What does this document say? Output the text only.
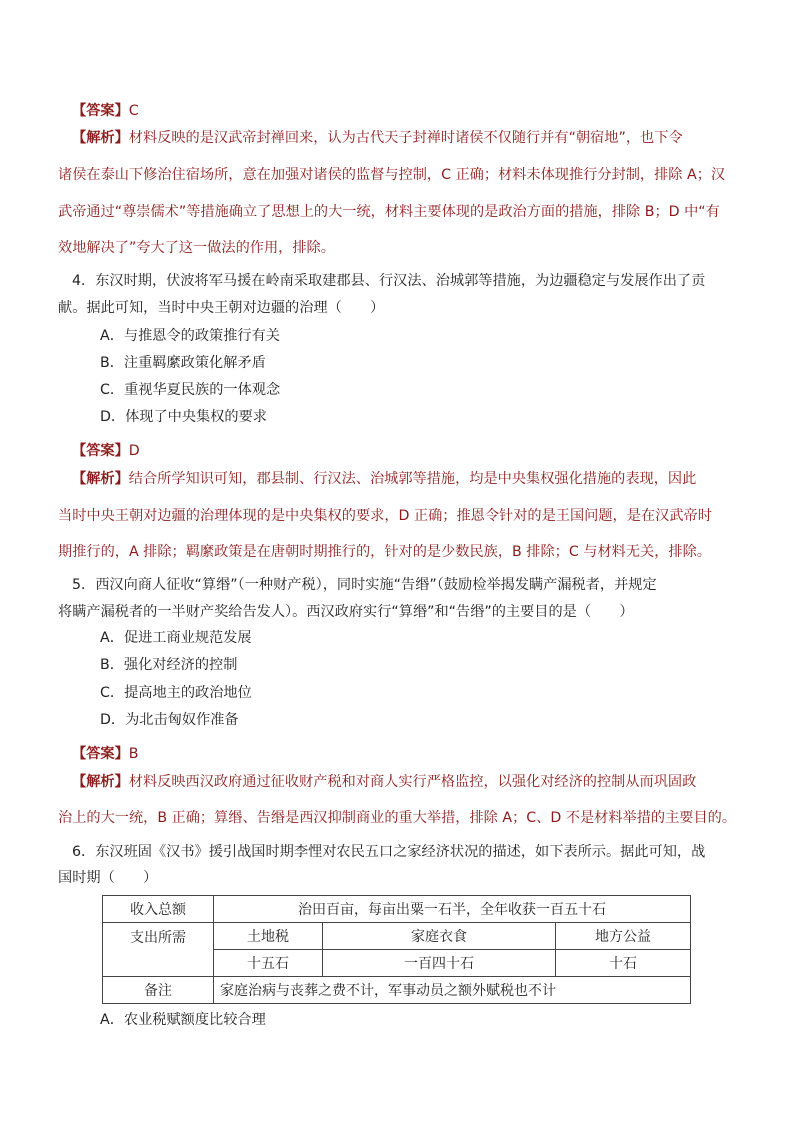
【答案】C
【解析】材料反映的是汉武帝封禅回来，认为古代天子封禅时诸侯不仅随行并有“朝宿地”，也下令
诸侯在泰山下修治住宿场所，意在加强对诸侯的监督与控制，C 正确；材料未体现推行分封制，排除 A；汉
武帝通过“尊崇儒术”等措施确立了思想上的大一统，材料主要体现的是政治方面的措施，排除 B；D 中“有
效地解决了”夸大了这一做法的作用，排除。
4．东汉时期，伏波将军马援在岭南采取建郡县、行汉法、治城郭等措施，为边疆稳定与发展作出了贡
献。据此可知，当时中央王朝对边疆的治理（　　）
A．与推恩令的政策推行有关
B．注重羁縻政策化解矛盾
C．重视华夏民族的一体观念
D．体现了中央集权的要求
【答案】D
【解析】结合所学知识可知，郡县制、行汉法、治城郭等措施，均是中央集权强化措施的表现，因此
当时中央王朝对边疆的治理体现的是中央集权的要求，D 正确；推恩令针对的是王国问题，是在汉武帝时
期推行的，A 排除；羁縻政策是在唐朝时期推行的，针对的是少数民族，B 排除；C 与材料无关，排除。
5．西汉向商人征收“算缗”（一种财产税），同时实施“告缗”（鼓励检举揭发瞒产漏税者，并规定
将瞒产漏税者的一半财产奖给告发人）。西汉政府实行“算缗”和“告缗”的主要目的是（　　）
A．促进工商业规范发展
B．强化对经济的控制
C．提高地主的政治地位
D．为北击匈奴作准备
【答案】B
【解析】材料反映西汉政府通过征收财产税和对商人实行严格监控，以强化对经济的控制从而巩固政
治上的大一统，B 正确；算缗、告缗是西汉抑制商业的重大举措，排除 A；C、D 不是材料举措的主要目的。
6．东汉班固《汉书》援引战国时期李悝对农民五口之家经济状况的描述，如下表所示。据此可知，战
国时期（　　）
收入总额	治田百亩，每亩出粟一石半，全年收获一百五十石		
支出所需	土地税	家庭衣食	地方公益
	十五石	一百四十石	十石
备注	家庭治病与丧葬之费不计，军事动员之额外赋税也不计		
A．农业税赋额度比较合理
